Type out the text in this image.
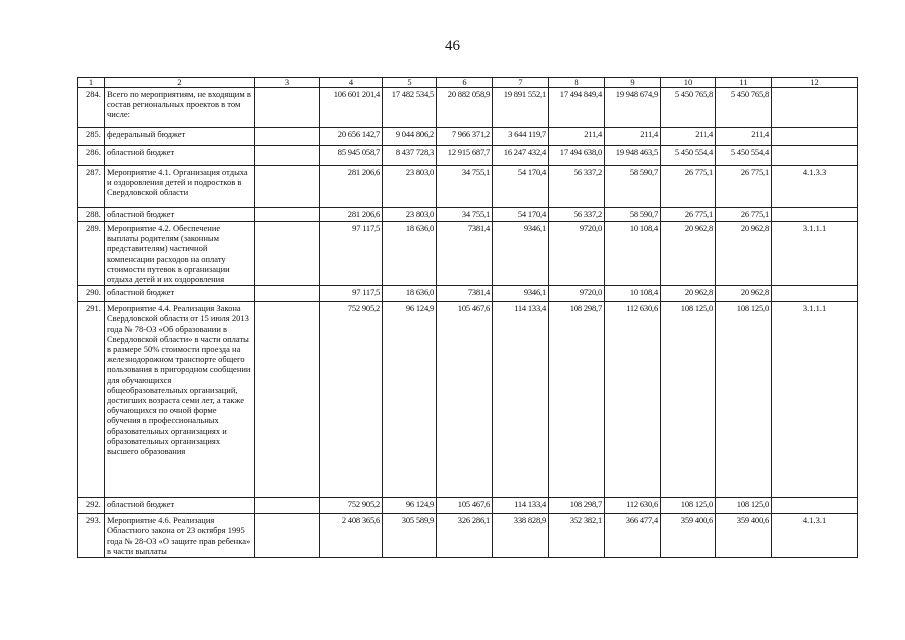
46
1	2	3	4	5	6	7	8	9	10	11	12
284.	Всего по мероприятиям, не входящим в состав региональных проектов в том числе:		106 601 201,4	17 482 534,5	20 882 058,9	19 891 552,1	17 494 849,4	19 948 674,9	5 450 765,8	5 450 765,8	
285.	федеральный бюджет		20 656 142,7	9 044 806,2	7 966 371,2	3 644 119,7	211,4	211,4	211,4	211,4	
286.	областной бюджет		85 945 058,7	8 437 728,3	12 915 687,7	16 247 432,4	17 494 638,0	19 948 463,5	5 450 554,4	5 450 554,4	
287.	Мероприятие 4.1. Организация отдыха и оздоровления детей и подростков в Свердловской области		281 206,6	23 803,0	34 755,1	54 170,4	56 337,2	58 590,7	26 775,1	26 775,1	4.1.3.3
288.	областной бюджет		281 206,6	23 803,0	34 755,1	54 170,4	56 337,2	58 590,7	26 775,1	26 775,1	
289.	Мероприятие 4.2. Обеспечение выплаты родителям (законным представителям) частичной компенсации расходов на оплату стоимости путевок в организации отдыха детей и их оздоровления		97 117,5	18 636,0	7381,4	9346,1	9720,0	10 108,4	20 962,8	20 962,8	3.1.1.1
290.	областной бюджет		97 117,5	18 636,0	7381,4	9346,1	9720,0	10 108,4	20 962,8	20 962,8	
291.	Мероприятие 4.4. Реализация Закона Свердловской области от 15 июля 2013 года № 78-ОЗ «Об образовании в Свердловской области» в части оплаты в размере 50% стоимости проезда на железнодорожном транспорте общего пользования в пригородном сообщении для обучающихся общеобразовательных организаций, достигших возраста семи лет, а также обучающихся по очной форме обучения в профессиональных образовательных организациях и образовательных организациях высшего образования		752 905,2	96 124,9	105 467,6	114 133,4	108 298,7	112 630,6	108 125,0	108 125,0	3.1.1.1
292.	областной бюджет		752 905,2	96 124,9	105 467,6	114 133,4	108 298,7	112 630,6	108 125,0	108 125,0	
293.	Мероприятие 4.6. Реализация Областного закона от 23 октября 1995 года № 28-ОЗ «О защите прав ребенка» в части выплаты		2 408 365,6	305 589,9	326 286,1	338 828,9	352 382,1	366 477,4	359 400,6	359 400,6	4.1.3.1
